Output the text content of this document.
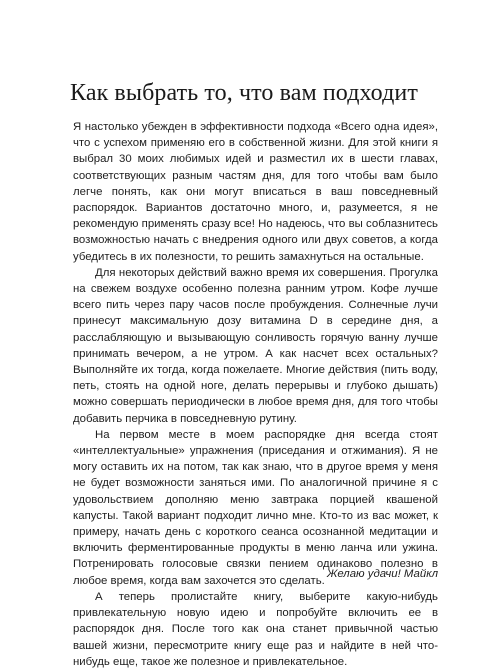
Как выбрать то, что вам подходит

Я настолько убежден в эффективности подхода «Всего одна идея», что с успехом применяю его в собственной жизни. Для этой книги я выбрал 30 моих любимых идей и разместил их в шести главах, соответствующих разным частям дня, для того чтобы вам было легче понять, как они могут вписаться в ваш повседневный распорядок. Вариантов достаточно много, и, разумеется, я не рекомендую применять сразу все! Но надеюсь, что вы соблазнитесь возможностью начать с внедрения одного или двух советов, а когда убедитесь в их полезности, то решить замахнуться на остальные.

Для некоторых действий важно время их совершения. Прогулка на свежем воздухе особенно полезна ранним утром. Кофе лучше всего пить через пару часов после пробуждения. Солнечные лучи принесут максимальную дозу витамина D в середине дня, а расслабляющую и вызывающую сонливость горячую ванну лучше принимать вечером, а не утром. А как насчет всех остальных? Выполняйте их тогда, когда пожелаете. Многие действия (пить воду, петь, стоять на одной ноге, делать перерывы и глубоко дышать) можно совершать периодически в любое время дня, для того чтобы добавить перчика в повседневную рутину.

На первом месте в моем распорядке дня всегда стоят «интеллектуальные» упражнения (приседания и отжимания). Я не могу оставить их на потом, так как знаю, что в другое время у меня не будет возможности заняться ими. По аналогичной причине я с удовольствием дополняю меню завтрака порцией квашеной капусты. Такой вариант подходит лично мне. Кто-то из вас может, к примеру, начать день с короткого сеанса осознанной медитации и включить ферментированные продукты в меню ланча или ужина. Потренировать голосовые связки пением одинаково полезно в любое время, когда вам захочется это сделать.

А теперь пролистайте книгу, выберите какую-нибудь привлекательную новую идею и попробуйте включить ее в распорядок дня. После того как она станет привычной частью вашей жизни, пересмотрите книгу еще раз и найдите в ней что-нибудь еще, такое же полезное и привлекательное.

Желаю удачи! Майкл
